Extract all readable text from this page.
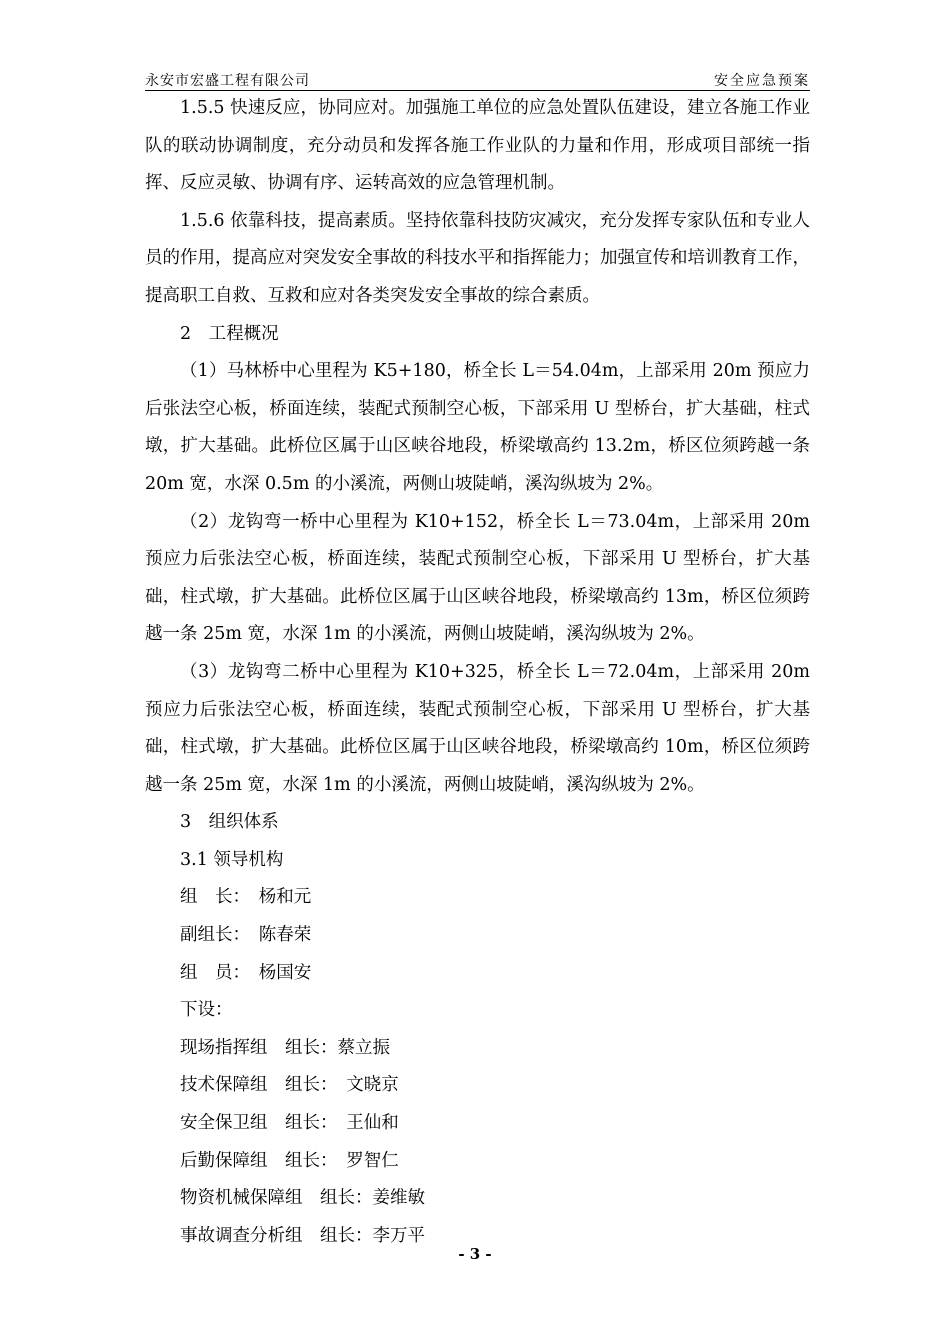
永安市宏盛工程有限公司	安全应急预案

1.5.5 快速反应，协同应对。加强施工单位的应急处置队伍建设，建立各施工作业队的联动协调制度，充分动员和发挥各施工作业队的力量和作用，形成项目部统一指挥、反应灵敏、协调有序、运转高效的应急管理机制。

1.5.6 依靠科技，提高素质。坚持依靠科技防灾减灾，充分发挥专家队伍和专业人员的作用，提高应对突发安全事故的科技水平和指挥能力；加强宣传和培训教育工作，提高职工自救、互救和应对各类突发安全事故的综合素质。

2　工程概况

（1）马林桥中心里程为 K5+180，桥全长 L＝54.04m，上部采用 20m 预应力后张法空心板，桥面连续，装配式预制空心板，下部采用 U 型桥台，扩大基础，柱式墩，扩大基础。此桥位区属于山区峡谷地段，桥梁墩高约 13.2m，桥区位须跨越一条 20m 宽，水深 0.5m 的小溪流，两侧山坡陡峭，溪沟纵坡为 2%。

（2）龙钩弯一桥中心里程为 K10+152，桥全长 L＝73.04m，上部采用 20m 预应力后张法空心板，桥面连续，装配式预制空心板，下部采用 U 型桥台，扩大基础，柱式墩，扩大基础。此桥位区属于山区峡谷地段，桥梁墩高约 13m，桥区位须跨越一条 25m 宽，水深 1m 的小溪流，两侧山坡陡峭，溪沟纵坡为 2%。

（3）龙钩弯二桥中心里程为 K10+325，桥全长 L＝72.04m，上部采用 20m 预应力后张法空心板，桥面连续，装配式预制空心板，下部采用 U 型桥台，扩大基础，柱式墩，扩大基础。此桥位区属于山区峡谷地段，桥梁墩高约 10m，桥区位须跨越一条 25m 宽，水深 1m 的小溪流，两侧山坡陡峭，溪沟纵坡为 2%。

3　组织体系

3.1 领导机构

组　长：　杨和元

副组长：　陈春荣

组　员：　杨国安

下设：

现场指挥组　组长：蔡立振

技术保障组　组长：　文晓京

安全保卫组　组长：　王仙和

后勤保障组　组长：　罗智仁

物资机械保障组　组长：姜维敏

事故调查分析组　组长：李万平

- 3 -
